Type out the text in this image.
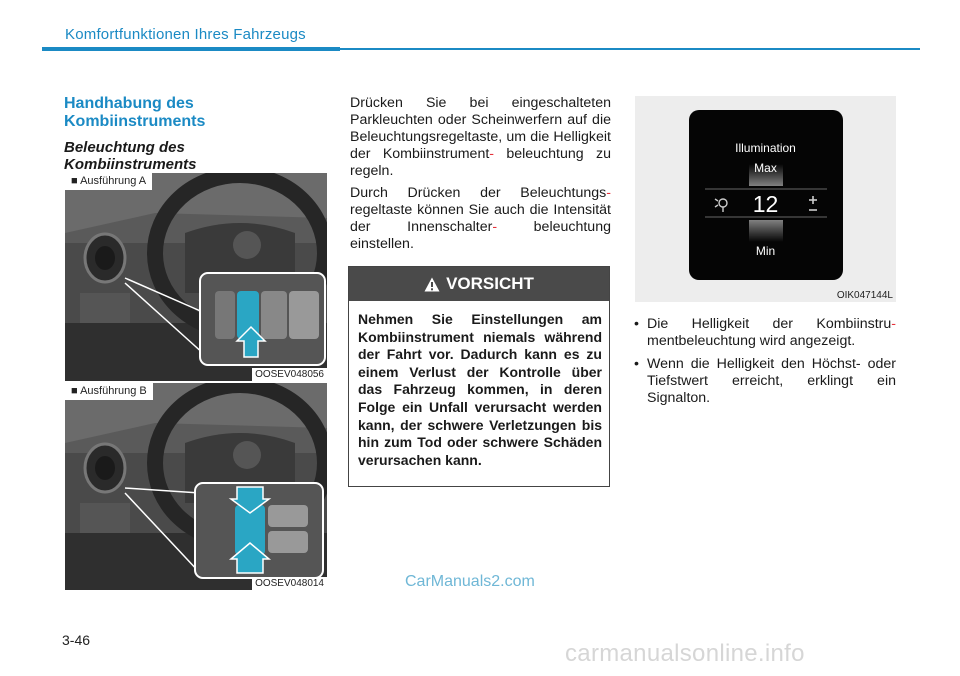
Komfortfunktionen Ihres Fahrzeugs
Handhabung des Kombiinstruments
Beleuchtung des Kombiinstruments
■ Ausführung A
OOSEV048056
■ Ausführung B
OOSEV048014
Drücken Sie bei eingeschalteten Parkleuchten oder Scheinwerfern auf die Beleuchtungsregeltaste, um die Helligkeit der Kombiinstrument- beleuchtung zu regeln.
Durch Drücken der Beleuchtungs- regeltaste können Sie auch die Intensität der Innenschalter-	beleuchtung einstellen.
VORSICHT
Nehmen Sie Einstellungen am Kombiinstrument niemals während der Fahrt vor. Dadurch kann es zu einem Verlust der Kontrolle über das Fahrzeug kommen, in deren Folge ein Unfall verursacht werden kann, der schwere Verletzungen bis hin zum Tod oder schwere Schäden verursachen kann.
Illumination
Max
12
Min
OIK047144L
• Die Helligkeit der Kombiinstru- mentbeleuchtung wird angezeigt.
• Wenn die Helligkeit den Höchst- oder Tiefstwert erreicht, erklingt ein Signalton.
CarManuals2.com
3-46	carmanualsonline.info
